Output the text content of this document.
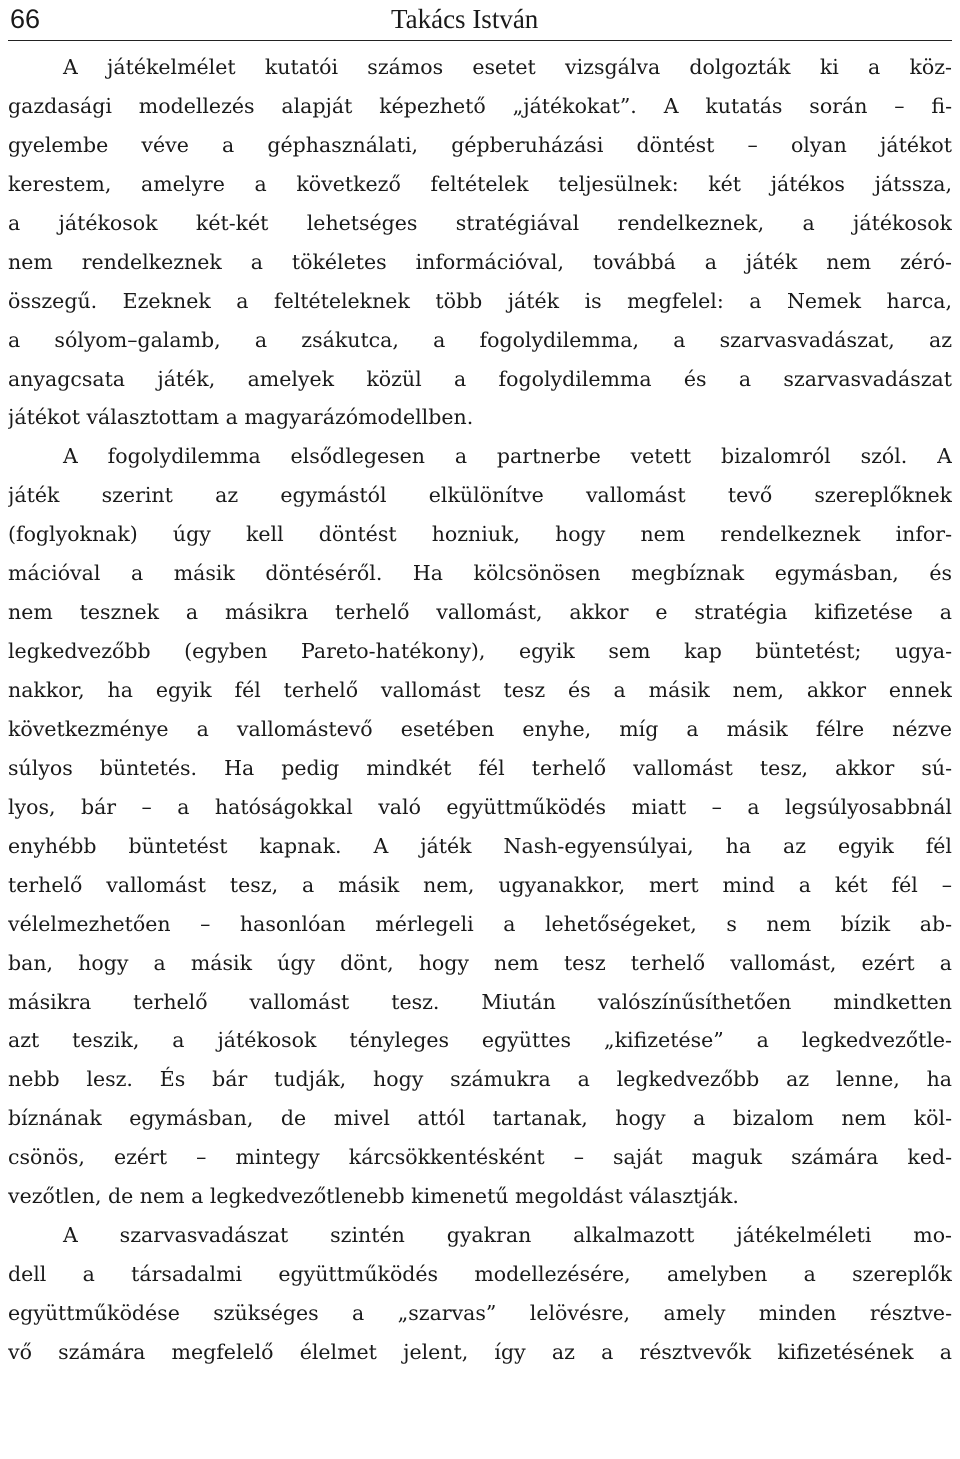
66	Takács István

A játékelmélet kutatói számos esetet vizsgálva dolgozták ki a köz-
gazdasági modellezés alapját képezhető „játékokat”. A kutatás során – fi-
gyelembe véve a géphasználati, gépberuházási döntést – olyan játékot
kerestem, amelyre a következő feltételek teljesülnek: két játékos játssza,
a játékosok két-két lehetséges stratégiával rendelkeznek, a játékosok
nem rendelkeznek a tökéletes információval, továbbá a játék nem zéró-
összegű. Ezeknek a feltételeknek több játék is megfelel: a Nemek harca,
a sólyom–galamb, a zsákutca, a fogolydilemma, a szarvasvadászat, az
anyagcsata játék, amelyek közül a fogolydilemma és a szarvasvadászat
játékot választottam a magyarázómodellben.

A fogolydilemma elsődlegesen a partnerbe vetett bizalomról szól. A
játék szerint az egymástól elkülönítve vallomást tevő szereplőknek
(foglyoknak) úgy kell döntést hozniuk, hogy nem rendelkeznek infor-
mációval a másik döntéséről. Ha kölcsönösen megbíznak egymásban, és
nem tesznek a másikra terhelő vallomást, akkor e stratégia kifizetése a
legkedvezőbb (egyben Pareto-hatékony), egyik sem kap büntetést; ugya-
nakkor, ha egyik fél terhelő vallomást tesz és a másik nem, akkor ennek
következménye a vallomástevő esetében enyhe, míg a másik félre nézve
súlyos büntetés. Ha pedig mindkét fél terhelő vallomást tesz, akkor sú-
lyos, bár – a hatóságokkal való együttműködés miatt – a legsúlyosabbnál
enyhébb büntetést kapnak. A játék Nash-egyensúlyai, ha az egyik fél
terhelő vallomást tesz, a másik nem, ugyanakkor, mert mind a két fél –
vélelmezhetően – hasonlóan mérlegeli a lehetőségeket, s nem bízik ab-
ban, hogy a másik úgy dönt, hogy nem tesz terhelő vallomást, ezért a
másikra terhelő vallomást tesz. Miután valószínűsíthetően mindketten
azt teszik, a játékosok tényleges együttes „kifizetése” a legkedvezőtle-
nebb lesz. És bár tudják, hogy számukra a legkedvezőbb az lenne, ha
bíznának egymásban, de mivel attól tartanak, hogy a bizalom nem köl-
csönös, ezért – mintegy kárcsökkentésként – saját maguk számára ked-
vezőtlen, de nem a legkedvezőtlenebb kimenetű megoldást választják.

A szarvasvadászat szintén gyakran alkalmazott játékelméleti mo-
dell a társadalmi együttműködés modellezésére, amelyben a szereplők
együttműködése szükséges a „szarvas” lelövésre, amely minden résztve-
vő számára megfelelő élelmet jelent, így az a résztvevők kifizetésének a
